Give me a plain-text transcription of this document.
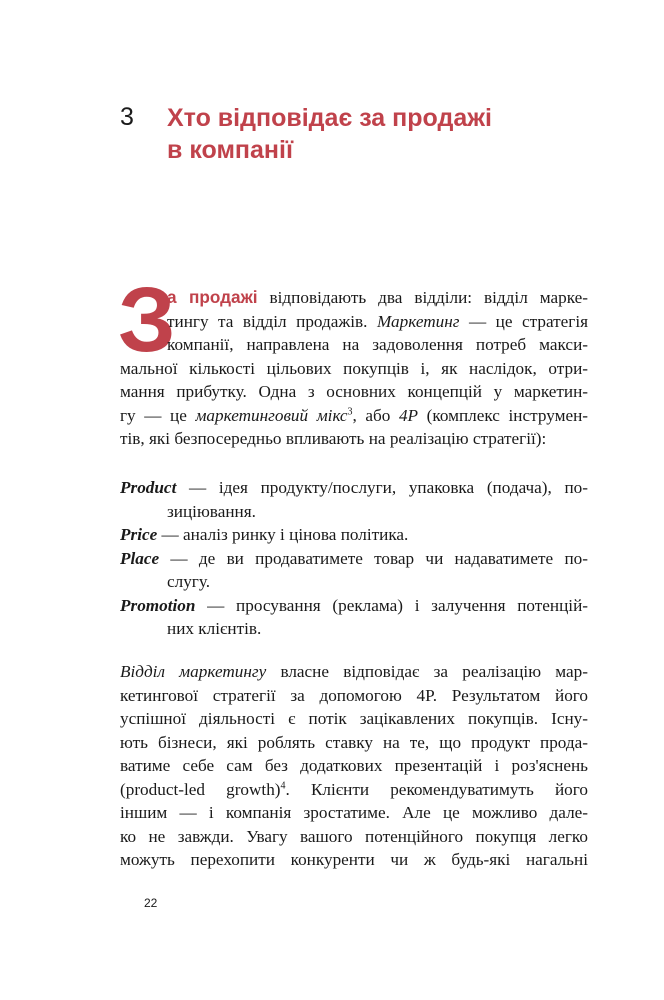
3 Хто відповідає за продажі
в компанії
З
а продажі відповідають два відділи: відділ марке-
тингу та відділ продажів. Маркетинг — це стратегія
компанії, направлена на задоволення потреб макси-
мальної кількості цільових покупців і, як наслідок, отри-
мання прибутку. Одна з основних концепцій у маркетин-
гу — це маркетинговий мікс$^3$, або 4P (комплекс інструмен-
тів, які безпосередньо впливають на реалізацію стратегії):
Product — ідея продукту/послуги, упаковка (подача), по-
зиціювання.
Price — аналіз ринку і цінова політика.
Place — де ви продаватимете товар чи надаватимете по-
слугу.
Promotion — просування (реклама) і залучення потенцій-
них клієнтів.
Відділ маркетингу власне відповідає за реалізацію мар-
кетингової стратегії за допомогою 4P. Результатом його
успішної діяльності є потік зацікавлених покупців. Існу-
ють бізнеси, які роблять ставку на те, що продукт прода-
ватиме себе сам без додаткових презентацій і роз'яснень
(product-led growth)$^4$. Клієнти рекомендуватимуть його
іншим — і компанія зростатиме. Але це можливо дале-
ко не завжди. Увагу вашого потенційного покупця легко
можуть перехопити конкуренти чи ж будь-які нагальні
22
